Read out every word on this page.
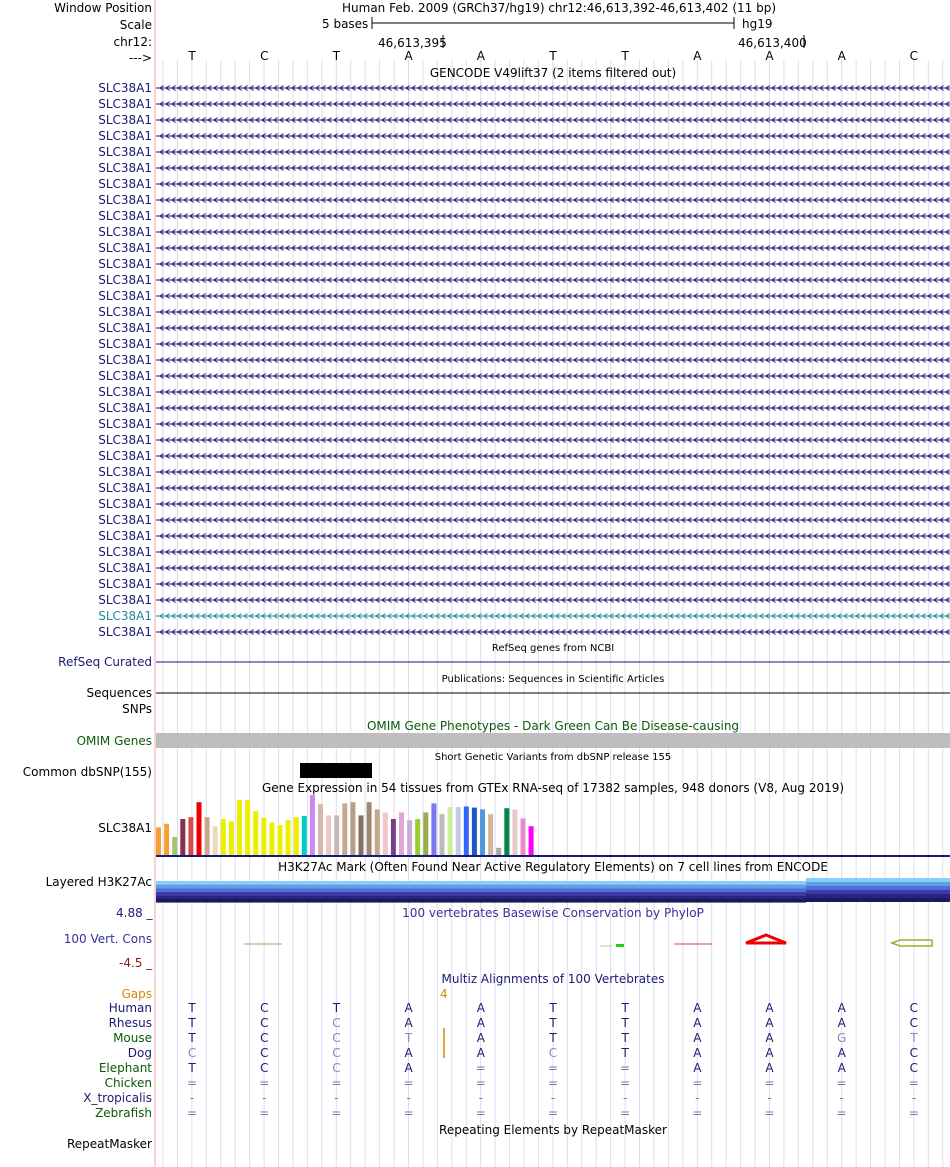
Window Position	Human Feb. 2009 (GRCh37/hg19) chr12:46,613,392-46,613,402 (11 bp)
Scale	5 bases	hg19
chr12:	46,613,395	46,613,400
--->	T	C	T	A	A	T	T	A	A	A	C
GENCODE V49lift37 (2 items filtered out)
SLC38A1
SLC38A1
SLC38A1
SLC38A1
SLC38A1
SLC38A1
SLC38A1
SLC38A1
SLC38A1
SLC38A1
SLC38A1
SLC38A1
SLC38A1
SLC38A1
SLC38A1
SLC38A1
SLC38A1
SLC38A1
SLC38A1
SLC38A1
SLC38A1
SLC38A1
SLC38A1
SLC38A1
SLC38A1
SLC38A1
SLC38A1
SLC38A1
SLC38A1
SLC38A1
SLC38A1
SLC38A1
SLC38A1
SLC38A1
SLC38A1
RefSeq genes from NCBI
RefSeq Curated
Publications: Sequences in Scientific Articles
Sequences
SNPs
OMIM Gene Phenotypes - Dark Green Can Be Disease-causing
OMIM Genes
Short Genetic Variants from dbSNP release 155
Common dbSNP(155)
Gene Expression in 54 tissues from GTEx RNA-seq of 17382 samples, 948 donors (V8, Aug 2019)
SLC38A1
H3K27Ac Mark (Often Found Near Active Regulatory Elements) on 7 cell lines from ENCODE
Layered H3K27Ac
4.88 _	100 vertebrates Basewise Conservation by PhyloP
100 Vert. Cons
-4.5 _
Multiz Alignments of 100 Vertebrates
Gaps	4
Human	T	C	T	A	A	T	T	A	A	A	C
Rhesus	T	C	C	A	A	T	T	A	A	A	C
Mouse	T	C	C	T	A	T	T	A	A	G	T
Dog	C	C	C	A	A	C	T	A	A	A	C
Elephant	T	C	C	A	=	=	=	A	A	A	C
Chicken	=	=	=	=	=	=	=	=	=	=	=
X_tropicalis	-	-	-	-	-	-	-	-	-	-	-
Zebrafish	=	=	=	=	=	=	=	=	=	=	=
Repeating Elements by RepeatMasker
RepeatMasker
